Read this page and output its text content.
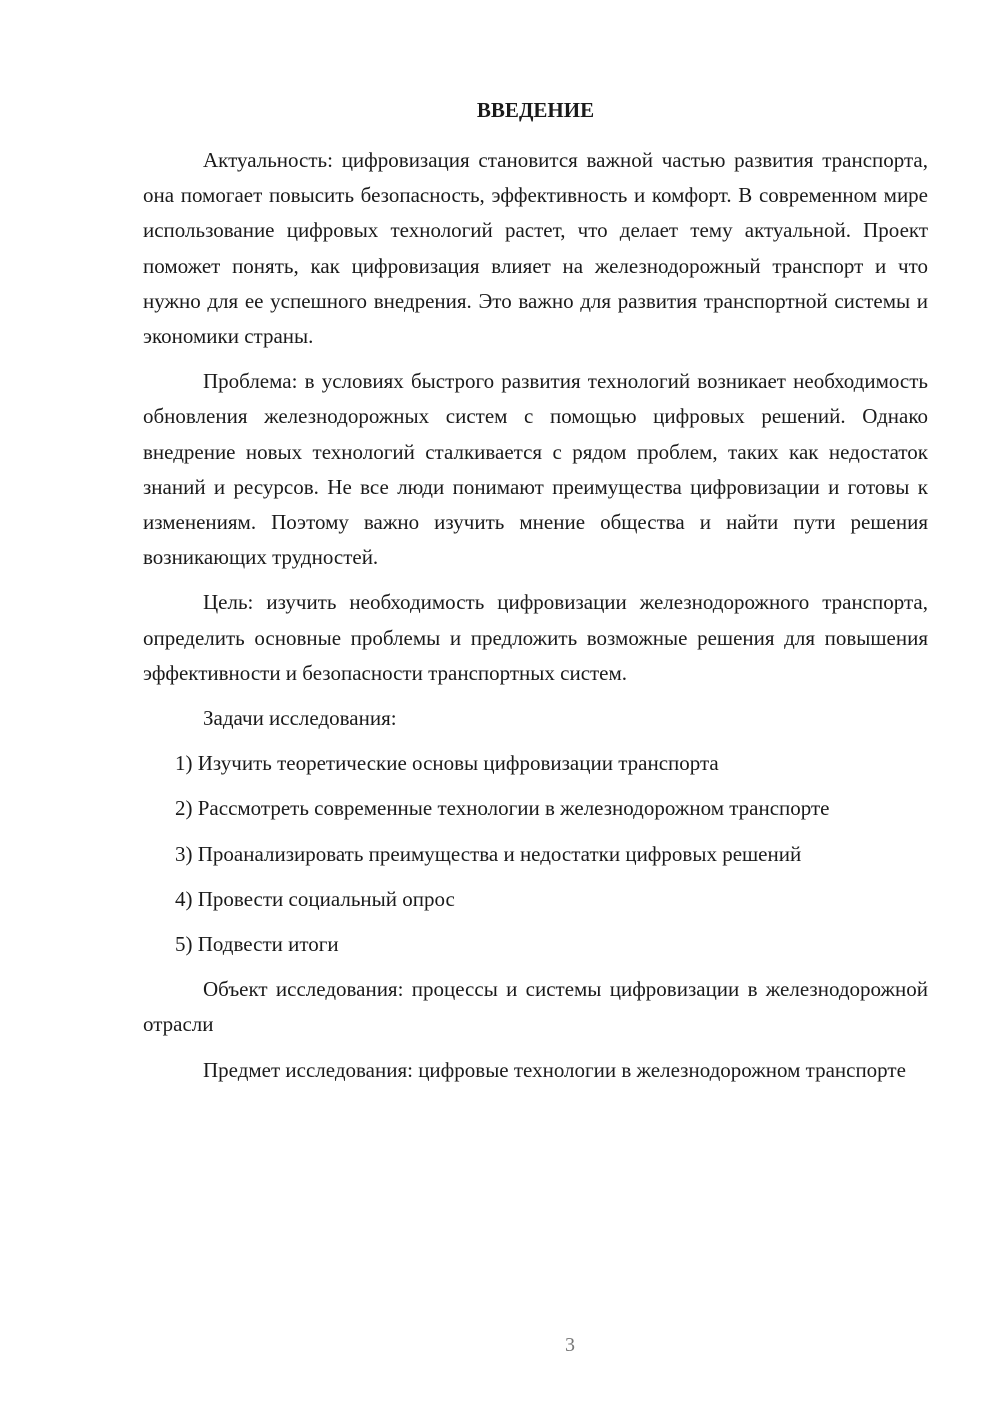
ВВЕДЕНИЕ

Актуальность: цифровизация становится важной частью развития транспорта, она помогает повысить безопасность, эффективность и комфорт. В современном мире использование цифровых технологий растет, что делает тему актуальной. Проект поможет понять, как цифровизация влияет на железнодорожный транспорт и что нужно для ее успешного внедрения. Это важно для развития транспортной системы и экономики страны.

Проблема: в условиях быстрого развития технологий возникает необходимость обновления железнодорожных систем с помощью цифровых решений. Однако внедрение новых технологий сталкивается с рядом проблем, таких как недостаток знаний и ресурсов. Не все люди понимают преимущества цифровизации и готовы к изменениям. Поэтому важно изучить мнение общества и найти пути решения возникающих трудностей.

Цель: изучить необходимость цифровизации железнодорожного транспорта, определить основные проблемы и предложить возможные решения для повышения эффективности и безопасности транспортных систем.

Задачи исследования:

1) Изучить теоретические основы цифровизации транспорта

2) Рассмотреть современные технологии в железнодорожном транспорте

3) Проанализировать преимущества и недостатки цифровых решений

4) Провести социальный опрос

5) Подвести итоги

Объект исследования: процессы и системы цифровизации в железнодорожной отрасли

Предмет исследования: цифровые технологии в железнодорожном транспорте

3
